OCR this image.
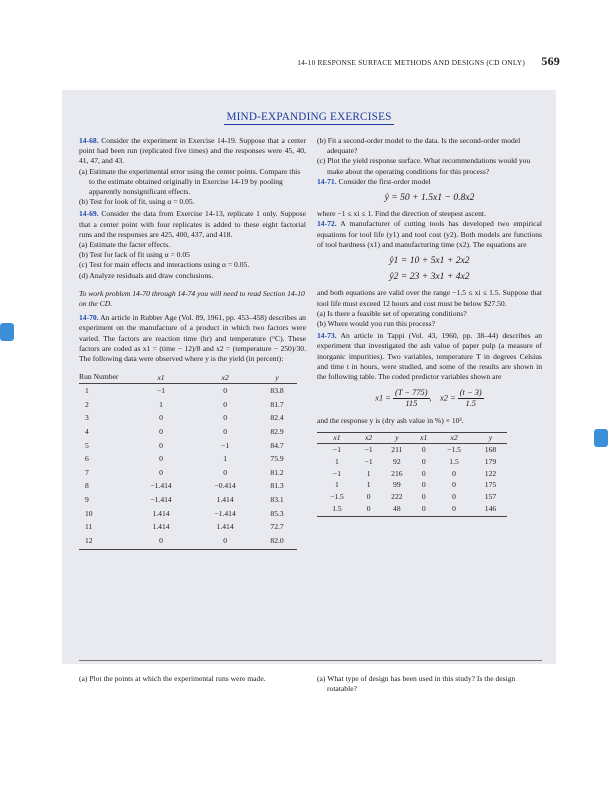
14-10 RESPONSE SURFACE METHODS AND DESIGNS (CD ONLY) 569
MIND-EXPANDING EXERCISES

14-68. Consider the experiment in Exercise 14-19. Suppose that a center point had been run (replicated five times) and the responses were 45, 40, 41, 47, and 43.

(a) Estimate the experimental error using the center points. Compare this to the estimate obtained originally in Exercise 14-19 by pooling apparently nonsignificant effects.

(b) Test for look of fit, using α = 0.05.

14-69. Consider the data from Exercise 14-13, replicate 1 only. Suppose that a center point with four replicates is added to these eight factorial runs and the responses are 425, 400, 437, and 418.

(a) Estimate the facter effects.

(b) Test for lack of fit using α = 0.05

(c) Test for main effects and interactions using α = 0.05.

(d) Analyze residuals and draw conclusions.

To work problem 14-70 through 14-74 you will need to read Section 14-10 on the CD.

14-70. An article in Rubber Age (Vol. 89, 1961, pp. 453–458) describes an experiment on the manufacture of a product in which two factors were varied. The factors are reaction time (hr) and temperature (°C). These factors are coded as x1 = (time − 12)/8 and x2 = (temperature − 250)/30. The following data were observed where y is the yield (in percent):

Run Number	x1	x2	y
1	−1	0	83.8
2	1	0	81.7
3	0	0	82.4
4	0	0	82.9
5	0	−1	84.7
6	0	1	75.9
7	0	0	81.2
8	−1.414	−0.414	81.3
9	−1.414	1.414	83.1
10	1.414	−1.414	85.3
11	1.414	1.414	72.7
12	0	0	82.0

(b) Fit a second-order model to the data. Is the second-order model adequate?

(c) Plot the yield response surface. What recommendations would you make about the operating conditions for this process?

14-71. Consider the first-order model

ŷ = 50 + 1.5x1 − 0.8x2

where −1 ≤ xi ≤ 1. Find the direction of steepest ascent.

14-72. A manufacturer of cutting tools has developed two empirical equations for tool life (y1) and tool cost (y2). Both models are functions of tool hardness (x1) and manufacturing time (x2). The equations are

ŷ1 = 10 + 5x1 + 2x2
ŷ2 = 23 + 3x1 + 4x2

and both equations are valid over the range −1.5 ≤ xi ≤ 1.5. Suppose that tool life must exceed 12 hours and cost must be below $27.50.

(a) Is there a feasible set of operating conditions?

(b) Where would you run this process?

14-73. An article in Tappi (Vol. 43, 1960, pp. 38–44) describes an experiment that investigated the ash value of paper pulp (a measure of inorganic impurities). Two variables, temperature T in degrees Celsius and time t in hours, were studied, and some of the results are shown in the following table. The coded predictor variables shown are

$x1 = \frac{(T - 775)}{115}$ ,    $x2 = \frac{(t - 3)}{1.5}$

and the response y is (dry ash value in %) × 10³.

x1	x2	y	x1	x2	y
−1	−1	211	0	−1.5	168
1	−1	92	0	1.5	179
−1	1	216	0	0	122
1	1	99	0	0	175
−1.5	0	222	0	0	157
1.5	0	48	0	0	146

(a) Plot the points at which the experimental runs were made.	(a) What type of design has been used in this study? Is the design rotatable?
